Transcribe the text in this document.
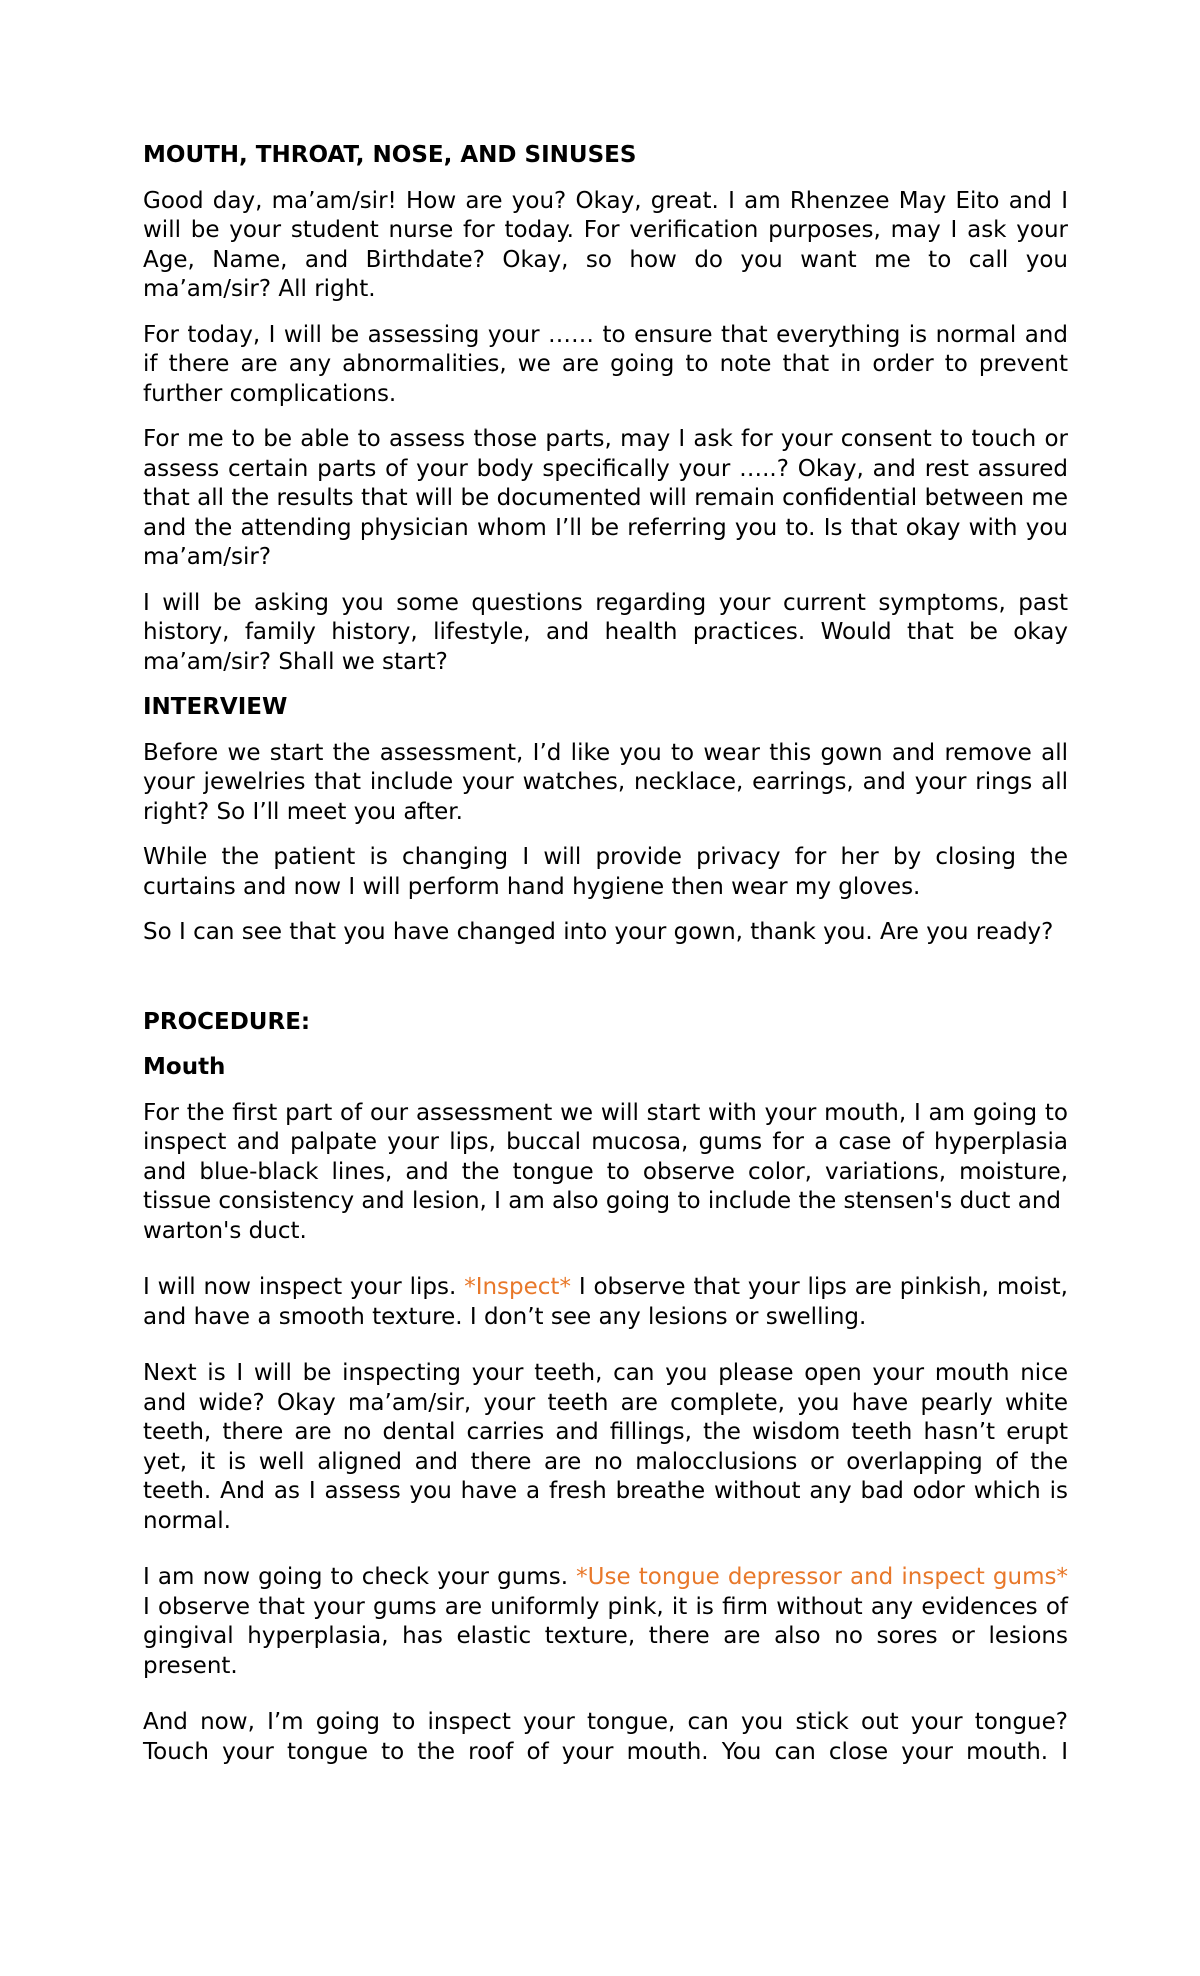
MOUTH, THROAT, NOSE, AND SINUSES

Good day, ma’am/sir! How are you? Okay, great. I am Rhenzee May Eito and I will be your student nurse for today. For verification purposes, may I ask your Age, Name, and Birthdate? Okay, so how do you want me to call you ma’am/sir? All right.

For today, I will be assessing your …… to ensure that everything is normal and if there are any abnormalities, we are going to note that in order to prevent further complications.

For me to be able to assess those parts, may I ask for your consent to touch or assess certain parts of your body specifically your …..? Okay, and rest assured that all the results that will be documented will remain confidential between me and the attending physician whom I’ll be referring you to. Is that okay with you ma’am/sir?

I will be asking you some questions regarding your current symptoms, past history, family history, lifestyle, and health practices. Would that be okay ma’am/sir? Shall we start?

INTERVIEW

Before we start the assessment, I’d like you to wear this gown and remove all your jewelries that include your watches, necklace, earrings, and your rings all right? So I’ll meet you after.

While the patient is changing I will provide privacy for her by closing the curtains and now I will perform hand hygiene then wear my gloves.

So I can see that you have changed into your gown, thank you. Are you ready?

PROCEDURE:

Mouth

For the first part of our assessment we will start with your mouth, I am going to inspect and palpate your lips, buccal mucosa, gums for a case of hyperplasia and blue-black lines, and the tongue to observe color, variations, moisture, tissue consistency and lesion, I am also going to include the stensen's duct and

warton's duct.

I will now inspect your lips. *Inspect* I observe that your lips are pinkish, moist, and have a smooth texture. I don’t see any lesions or swelling.

Next is I will be inspecting your teeth, can you please open your mouth nice and wide? Okay ma’am/sir, your teeth are complete, you have pearly white teeth, there are no dental carries and fillings, the wisdom teeth hasn’t erupt yet, it is well aligned and there are no malocclusions or overlapping of the teeth. And as I assess you have a fresh breathe without any bad odor which is normal.

I am now going to check your gums. *Use tongue depressor and inspect gums* I observe that your gums are uniformly pink, it is firm without any evidences of gingival hyperplasia, has elastic texture, there are also no sores or lesions present.

And now, I’m going to inspect your tongue, can you stick out your tongue? Touch your tongue to the roof of your mouth. You can close your mouth. I
